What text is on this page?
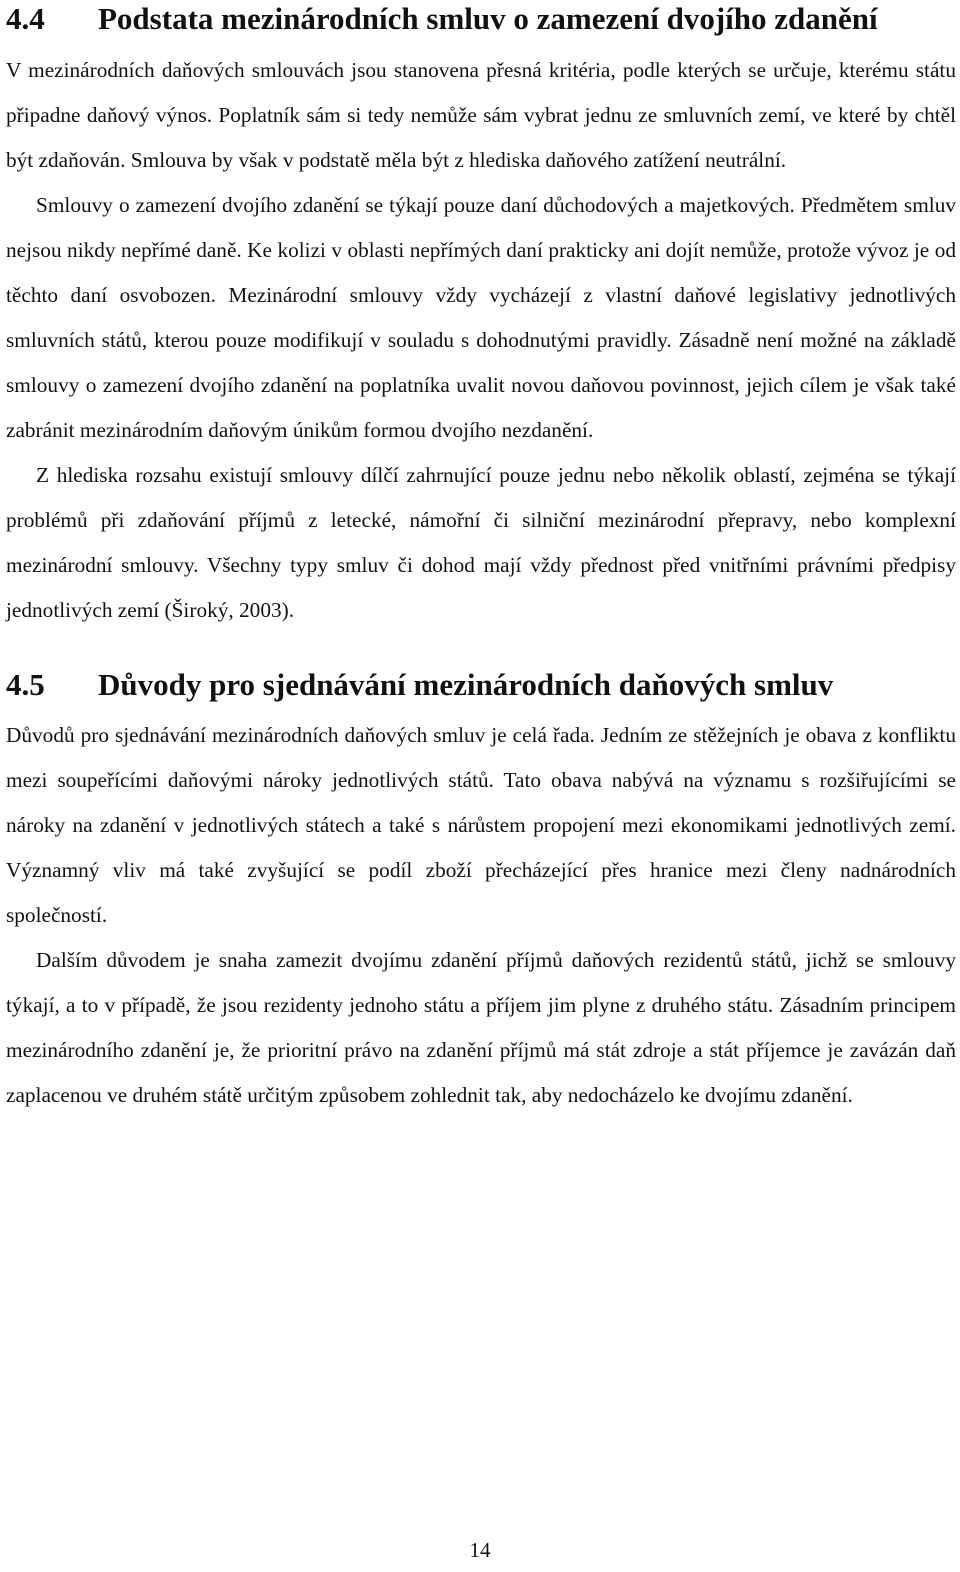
4.4	Podstata mezinárodních smluv o zamezení dvojího zdanění

V mezinárodních daňových smlouvách jsou stanovena přesná kritéria, podle kterých se určuje, kterému státu připadne daňový výnos. Poplatník sám si tedy nemůže sám vybrat jednu ze smluvních zemí, ve které by chtěl být zdaňován. Smlouva by však v podstatě měla být z hlediska daňového zatížení neutrální.

Smlouvy o zamezení dvojího zdanění se týkají pouze daní důchodových a majetkových. Předmětem smluv nejsou nikdy nepřímé daně. Ke kolizi v oblasti nepřímých daní prakticky ani dojít nemůže, protože vývoz je od těchto daní osvobozen. Mezinárodní smlouvy vždy vycházejí z vlastní daňové legislativy jednotlivých smluvních států, kterou pouze modifikují v souladu s dohodnutými pravidly. Zásadně není možné na základě smlouvy o zamezení dvojího zdanění na poplatníka uvalit novou daňovou povinnost, jejich cílem je však také zabránit mezinárodním daňovým únikům formou dvojího nezdanění.

Z hlediska rozsahu existují smlouvy dílčí zahrnující pouze jednu nebo několik oblastí, zejména se týkají problémů při zdaňování příjmů z letecké, námořní či silniční mezinárodní přepravy, nebo komplexní mezinárodní smlouvy. Všechny typy smluv či dohod mají vždy přednost před vnitřními právními předpisy jednotlivých zemí (Široký, 2003).

4.5	Důvody pro sjednávání mezinárodních daňových smluv

Důvodů pro sjednávání mezinárodních daňových smluv je celá řada. Jedním ze stěžejních je obava z konfliktu mezi soupeřícími daňovými nároky jednotlivých států. Tato obava nabývá na významu s rozšiřujícími se nároky na zdanění v jednotlivých státech a také s nárůstem propojení mezi ekonomikami jednotlivých zemí. Významný vliv má také zvyšující se podíl zboží přecházející přes hranice mezi členy nadnárodních společností.

Dalším důvodem je snaha zamezit dvojímu zdanění příjmů daňových rezidentů států, jichž se smlouvy týkají, a to v případě, že jsou rezidenty jednoho státu a příjem jim plyne z druhého státu. Zásadním principem mezinárodního zdanění je, že prioritní právo na zdanění příjmů má stát zdroje a stát příjemce je zavázán daň zaplacenou ve druhém státě určitým způsobem zohlednit tak, aby nedocházelo ke dvojímu zdanění.

14
